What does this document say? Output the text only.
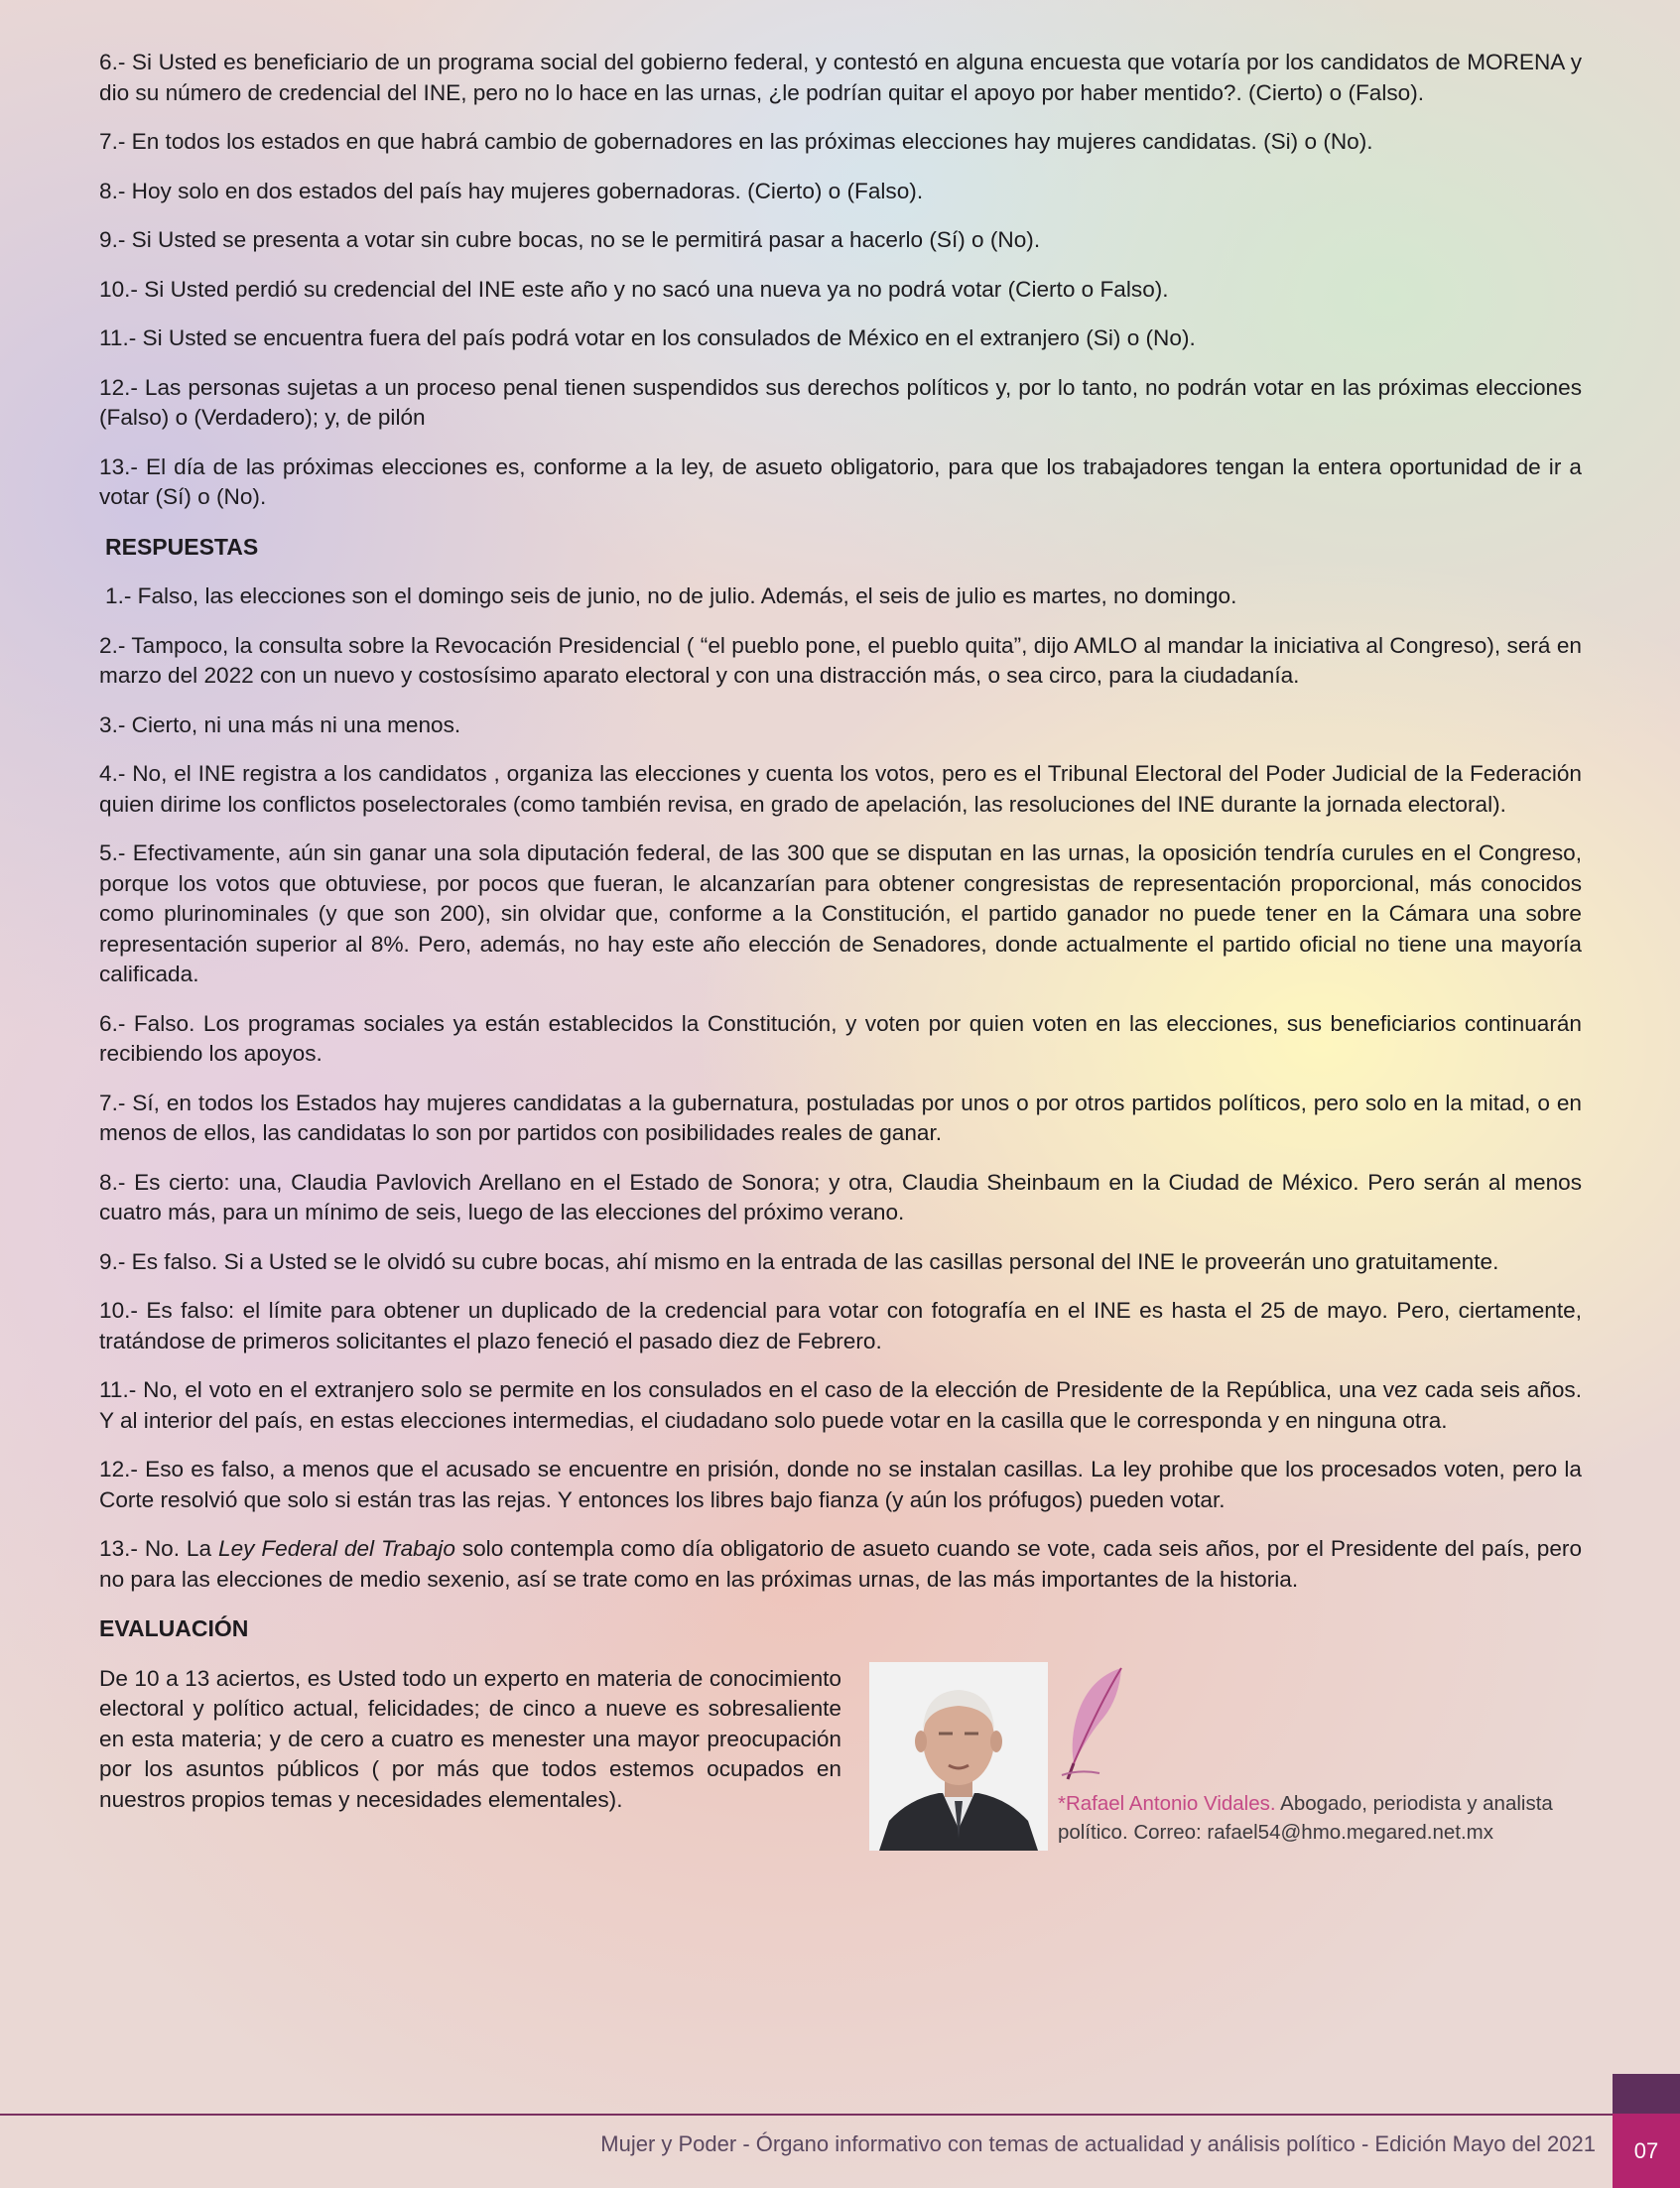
6.- Si Usted es beneficiario de un programa social del gobierno federal, y contestó en alguna encuesta que votaría por los candidatos de MORENA y dio su número de credencial del INE, pero no lo hace en las urnas, ¿le podrían quitar el apoyo por haber mentido?. (Cierto) o (Falso).

7.- En todos los estados en que habrá cambio de gobernadores en las próximas elecciones hay mujeres candidatas. (Si) o (No).

8.- Hoy solo en dos estados del país hay mujeres gobernadoras. (Cierto) o (Falso).

9.- Si Usted se presenta a votar sin cubre bocas, no se le permitirá pasar a hacerlo (Sí) o (No).

10.- Si Usted perdió su credencial del INE este año y no sacó una nueva ya no podrá votar (Cierto o Falso).

11.- Si Usted se encuentra fuera del país podrá votar en los consulados de México en el extranjero (Si) o (No).

12.- Las personas sujetas a un proceso penal tienen suspendidos sus derechos políticos y, por lo tanto, no podrán votar en las próximas elecciones (Falso) o (Verdadero); y, de pilón

13.- El día de las próximas elecciones es, conforme a la ley, de asueto obligatorio, para que los trabajadores tengan la entera oportunidad de ir a votar (Sí) o (No).

RESPUESTAS

1.- Falso, las elecciones son el domingo seis de junio, no de julio. Además, el seis de julio es martes, no domingo.

2.- Tampoco, la consulta sobre la Revocación Presidencial ( “el pueblo pone, el pueblo quita”, dijo AMLO al mandar la iniciativa al Congreso), será en marzo del 2022 con un nuevo y costosísimo aparato electoral y con una distracción más, o sea circo, para la ciudadanía.

3.- Cierto, ni una más ni una menos.

4.- No, el INE registra a los candidatos , organiza las elecciones y cuenta los votos, pero es el Tribunal Electoral del Poder Judicial de la Federación quien dirime los conflictos poselectorales (como también revisa, en grado de apelación, las resoluciones del INE durante la jornada electoral).

5.- Efectivamente, aún sin ganar una sola diputación federal, de las 300 que se disputan en las urnas, la oposición tendría curules en el Congreso, porque los votos que obtuviese, por pocos que fueran, le alcanzarían para obtener congresistas de representación proporcional, más conocidos como plurinominales (y que son 200), sin olvidar que, conforme a la Constitución, el partido ganador no puede tener en la Cámara una sobre representación superior al 8%. Pero, además, no hay este año elección de Senadores, donde actualmente el partido oficial no tiene una mayoría calificada.

6.- Falso. Los programas sociales ya están establecidos la Constitución, y voten por quien voten en las elecciones, sus beneficiarios continuarán recibiendo los apoyos.

7.- Sí, en todos los Estados hay mujeres candidatas a la gubernatura, postuladas por unos o por otros partidos políticos, pero solo en la mitad, o en menos de ellos, las candidatas lo son por partidos con posibilidades reales de ganar.

8.- Es cierto: una, Claudia Pavlovich Arellano en el Estado de Sonora; y otra, Claudia Sheinbaum en la Ciudad de México. Pero serán al menos cuatro más, para un mínimo de seis, luego de las elecciones del próximo verano.

9.- Es falso. Si a Usted se le olvidó su cubre bocas, ahí mismo en la entrada de las casillas personal del INE le proveerán uno gratuitamente.

10.- Es falso: el límite para obtener un duplicado de la credencial para votar con fotografía en el INE es hasta el 25 de mayo. Pero, ciertamente, tratándose de primeros solicitantes el plazo feneció el pasado diez de Febrero.

11.- No, el voto en el extranjero solo se permite en los consulados en el caso de la elección de Presidente de la República, una vez cada seis años. Y al interior del país, en estas elecciones intermedias, el ciudadano solo puede votar en la casilla que le corresponda y en ninguna otra.

12.- Eso es falso, a menos que el acusado se encuentre en prisión, donde no se instalan casillas. La ley prohibe que los procesados voten, pero la Corte resolvió que solo si están tras las rejas. Y entonces los libres bajo fianza (y aún los prófugos) pueden votar.

13.- No. La Ley Federal del Trabajo solo contempla como día obligatorio de asueto cuando se vote, cada seis años, por el Presidente del país, pero no para las elecciones de medio sexenio, así se trate como en las próximas urnas, de las más importantes de la historia.

EVALUACIÓN

De 10 a 13 aciertos, es Usted todo un experto en materia de conocimiento electoral y político actual, felicidades; de cinco a nueve es sobresaliente en esta materia; y de cero a cuatro es menester una mayor preocupación por los asuntos públicos ( por más que todos estemos ocupados en nuestros propios temas y necesidades elementales).	*Rafael Antonio Vidales. Abogado, periodista y analista político. Correo: rafael54@hmo.megared.net.mx
Mujer y Poder - Órgano informativo con temas de actualidad y análisis político - Edición Mayo del 2021	07
